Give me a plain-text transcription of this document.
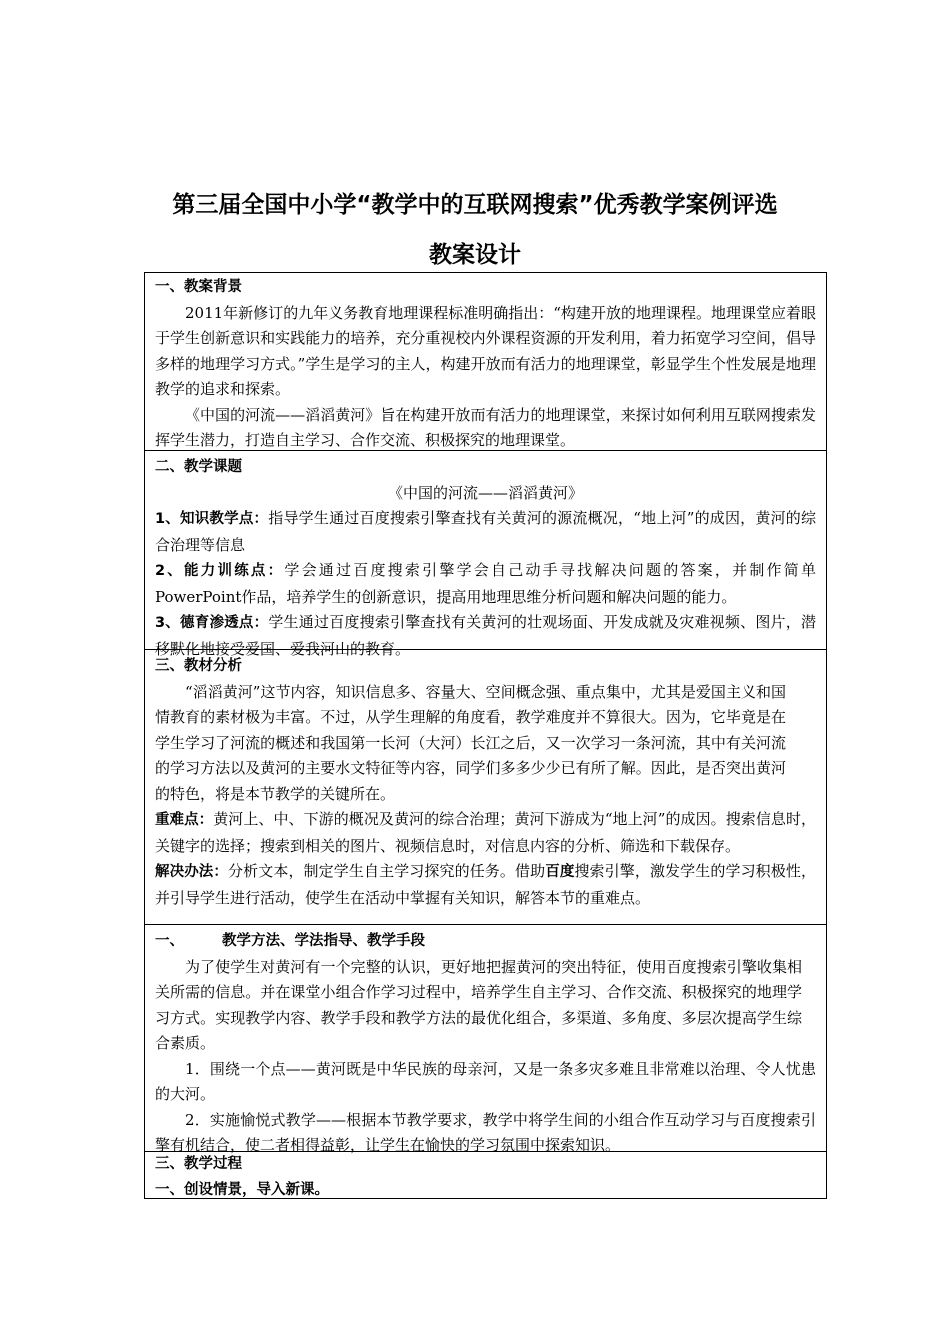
第三届全国中小学“教学中的互联网搜索”优秀教学案例评选
教案设计
一、教案背景

2011年新修订的九年义务教育地理课程标准明确指出：“构建开放的地理课程。地理课堂应着眼于学生创新意识和实践能力的培养，充分重视校内外课程资源的开发利用，着力拓宽学习空间，倡导多样的地理学习方式。”学生是学习的主人，构建开放而有活力的地理课堂，彰显学生个性发展是地理教学的追求和探索。

《中国的河流——滔滔黄河》旨在构建开放而有活力的地理课堂，来探讨如何利用互联网搜索发挥学生潜力，打造自主学习、合作交流、积极探究的地理课堂。

二、教学课题

《中国的河流——滔滔黄河》

1、知识教学点：指导学生通过百度搜索引擎查找有关黄河的源流概况，“地上河”的成因，黄河的综合治理等信息

2、能力训练点：学会通过百度搜索引擎学会自己动手寻找解决问题的答案，并制作简单PowerPoint作品，培养学生的创新意识，提高用地理思维分析问题和解决问题的能力。

3、德育渗透点：学生通过百度搜索引擎查找有关黄河的壮观场面、开发成就及灾难视频、图片，潜移默化地接受爱国、爱我河山的教育。

三、教材分析

“滔滔黄河”这节内容，知识信息多、容量大、空间概念强、重点集中，尤其是爱国主义和国情教育的素材极为丰富。不过，从学生理解的角度看，教学难度并不算很大。因为，它毕竟是在学生学习了河流的概述和我国第一长河（大河）长江之后，又一次学习一条河流，其中有关河流的学习方法以及黄河的主要水文特征等内容，同学们多多少少已有所了解。因此，是否突出黄河的特色，将是本节教学的关键所在。

重难点：黄河上、中、下游的概况及黄河的综合治理；黄河下游成为“地上河”的成因。搜索信息时，关键字的选择；搜索到相关的图片、视频信息时，对信息内容的分析、筛选和下载保存。

解决办法：分析文本，制定学生自主学习探究的任务。借助百度搜索引擎，激发学生的学习积极性，并引导学生进行活动，使学生在活动中掌握有关知识，解答本节的重难点。

一、	教学方法、学法指导、教学手段

为了使学生对黄河有一个完整的认识，更好地把握黄河的突出特征，使用百度搜索引擎收集相关所需的信息。并在课堂小组合作学习过程中，培养学生自主学习、合作交流、积极探究的地理学习方式。实现教学内容、教学手段和教学方法的最优化组合，多渠道、多角度、多层次提高学生综合素质。

1．围绕一个点——黄河既是中华民族的母亲河，又是一条多灾多难且非常难以治理、令人忧患的大河。

2．实施愉悦式教学——根据本节教学要求，教学中将学生间的小组合作互动学习与百度搜索引擎有机结合，使二者相得益彰，让学生在愉快的学习氛围中探索知识。

三、教学过程
一、创设情景，导入新课。
